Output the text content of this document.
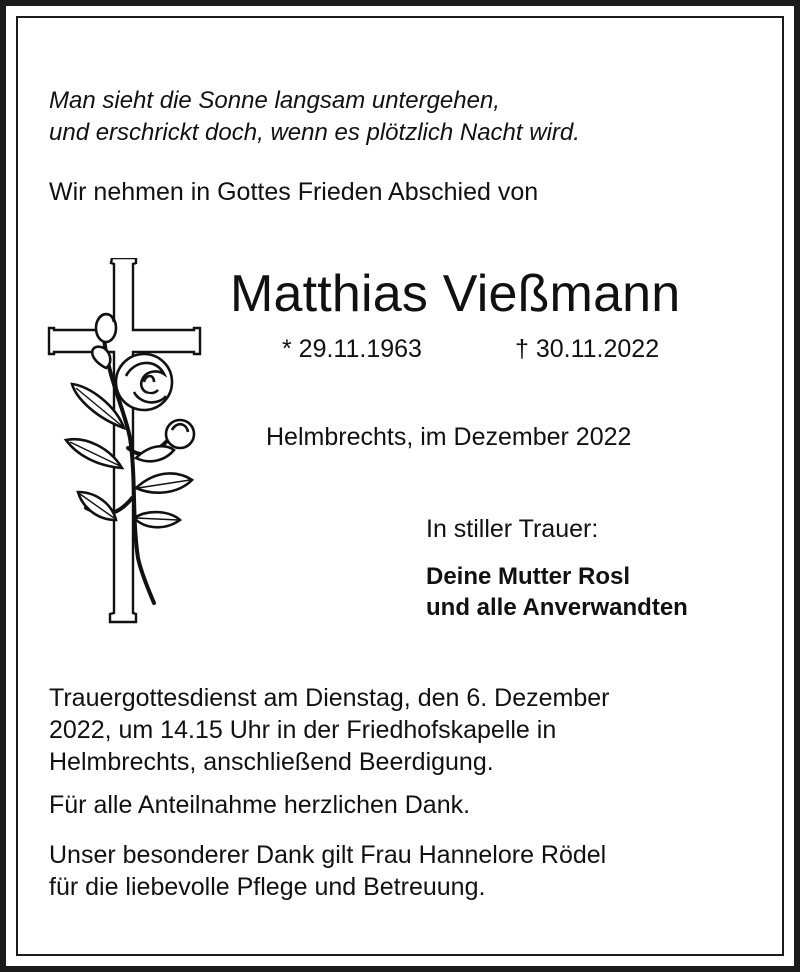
Man sieht die Sonne langsam untergehen,

und erschrickt doch, wenn es plötzlich Nacht wird.

Wir nehmen in Gottes Frieden Abschied von

Matthias Vießmann

* 29.11.1963	† 30.11.2022

Helmbrechts, im Dezember 2022

In stiller Trauer:

Deine Mutter Rosl

und alle Anverwandten

Trauergottesdienst am Dienstag, den 6. Dezember

2022, um 14.15 Uhr in der Friedhofskapelle in

Helmbrechts, anschließend Beerdigung.

Für alle Anteilnahme herzlichen Dank.

Unser besonderer Dank gilt Frau Hannelore Rödel

für die liebevolle Pflege und Betreuung.
